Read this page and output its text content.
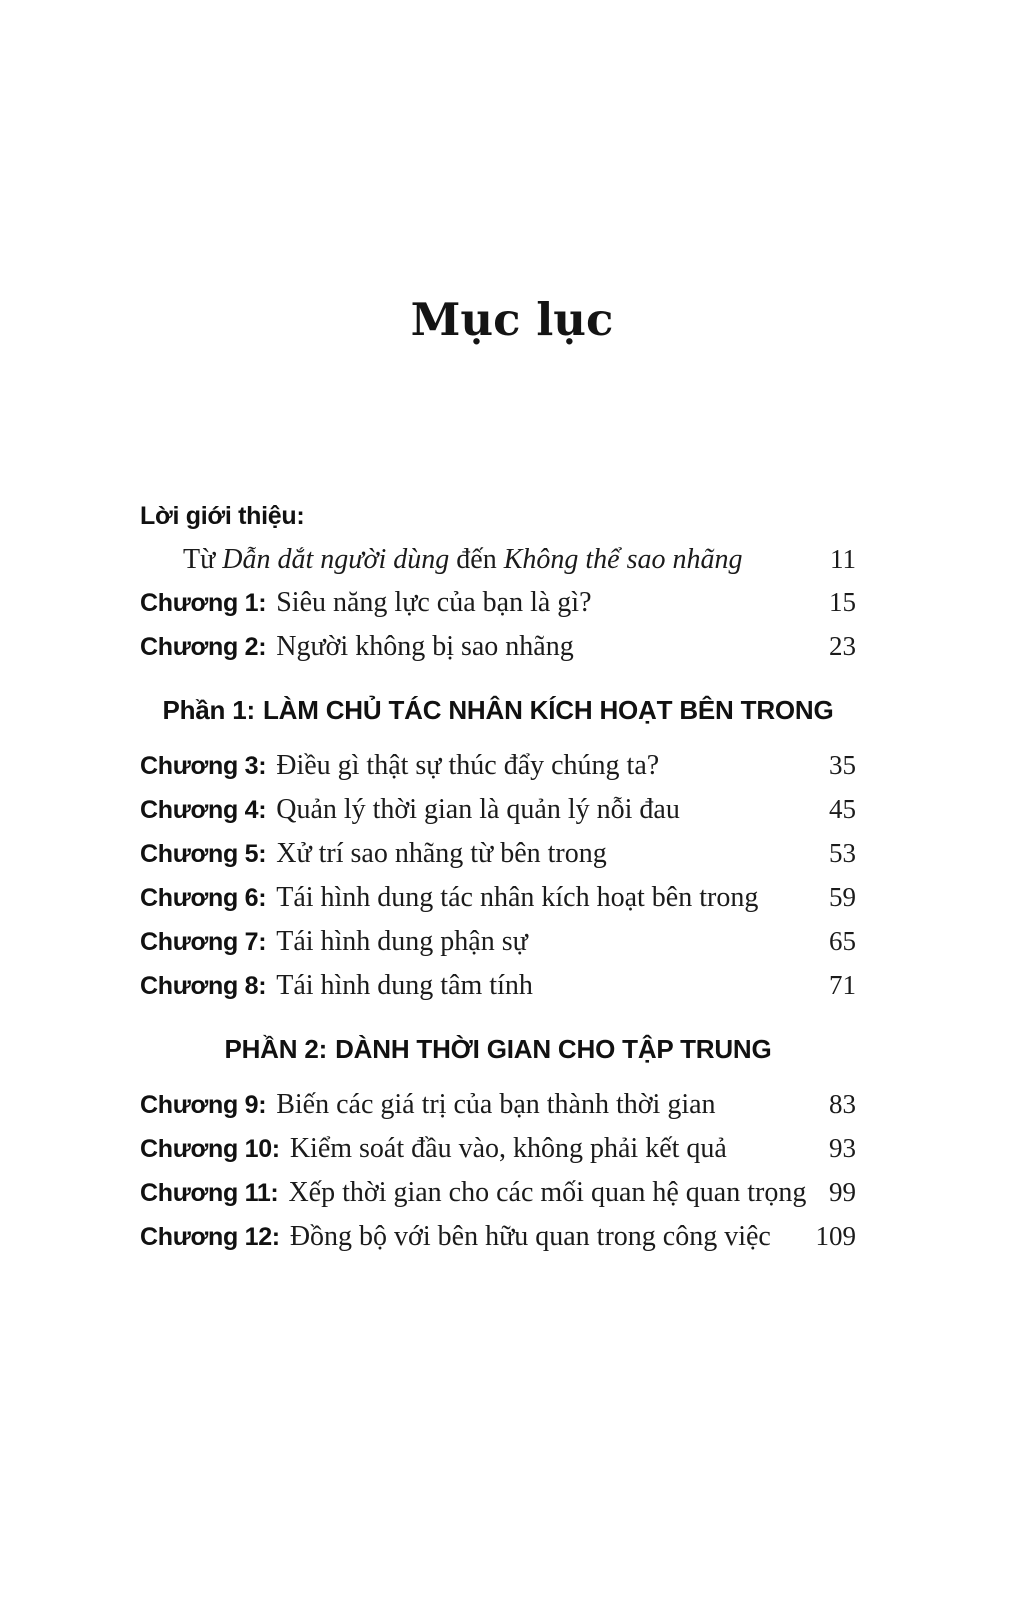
Mục lục
Lời giới thiệu:
Từ Dẫn dắt người dùng đến Không thể sao nhãng	11
Chương 1: Siêu năng lực của bạn là gì?	15
Chương 2: Người không bị sao nhãng	23
Phần 1: LÀM CHỦ TÁC NHÂN KÍCH HOẠT BÊN TRONG
Chương 3: Điều gì thật sự thúc đẩy chúng ta?	35
Chương 4: Quản lý thời gian là quản lý nỗi đau	45
Chương 5: Xử trí sao nhãng từ bên trong	53
Chương 6: Tái hình dung tác nhân kích hoạt bên trong	59
Chương 7: Tái hình dung phận sự	65
Chương 8: Tái hình dung tâm tính	71
PHẦN 2: DÀNH THỜI GIAN CHO TẬP TRUNG
Chương 9: Biến các giá trị của bạn thành thời gian	83
Chương 10: Kiểm soát đầu vào, không phải kết quả	93
Chương 11: Xếp thời gian cho các mối quan hệ quan trọng 99
Chương 12: Đồng bộ với bên hữu quan trong công việc	109
